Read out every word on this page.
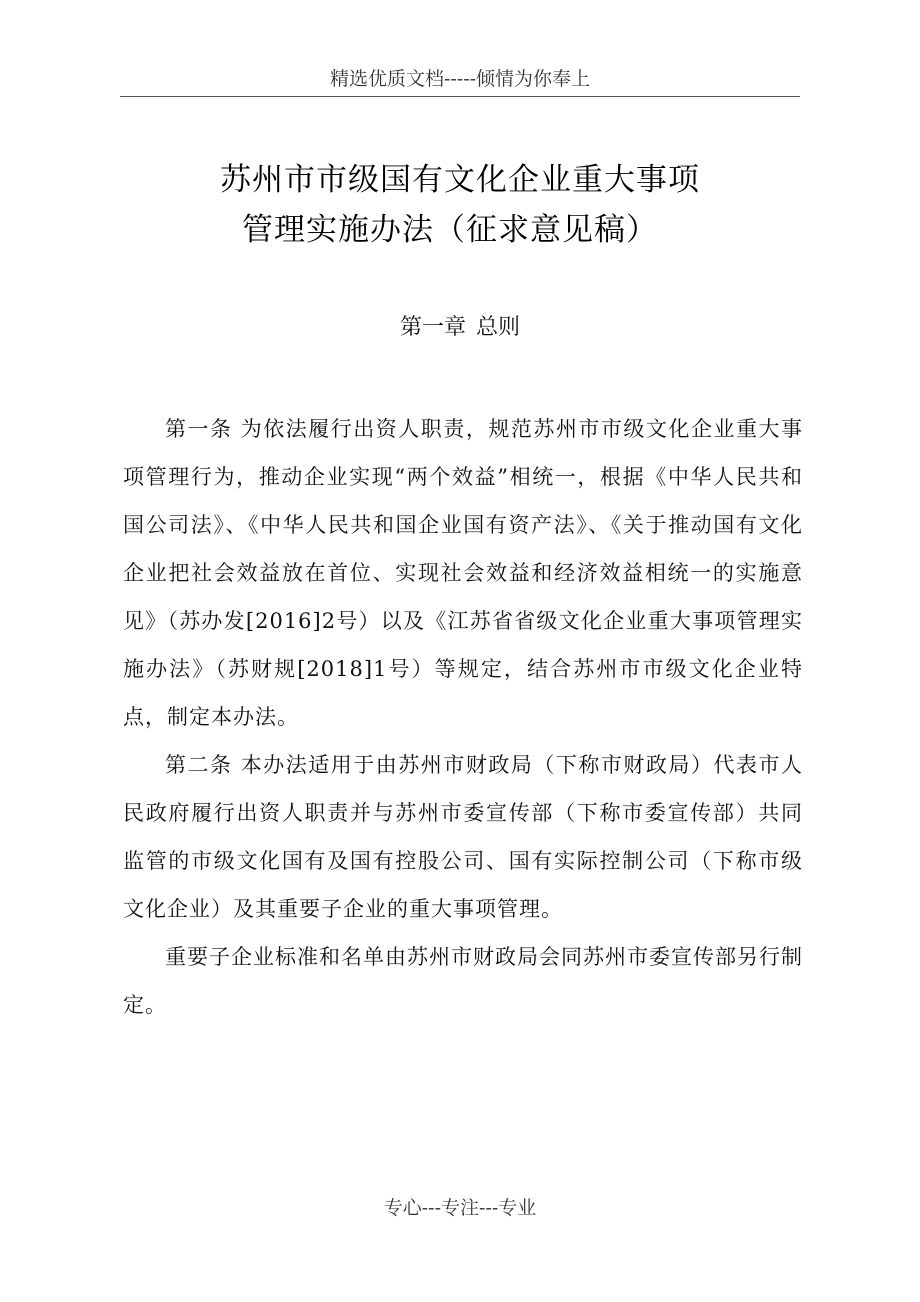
精选优质文档-----倾情为你奉上
苏州市市级国有文化企业重大事项
管理实施办法（征求意见稿）
第一章 总则

第一条 为依法履行出资人职责，规范苏州市市级文化企业重大事项管理行为，推动企业实现“两个效益”相统一，根据《中华人民共和国公司法》、《中华人民共和国企业国有资产法》、《关于推动国有文化企业把社会效益放在首位、实现社会效益和经济效益相统一的实施意见》（苏办发[2016]2号）以及《江苏省省级文化企业重大事项管理实施办法》（苏财规[2018]1号）等规定，结合苏州市市级文化企业特点，制定本办法。

第二条 本办法适用于由苏州市财政局（下称市财政局）代表市人民政府履行出资人职责并与苏州市委宣传部（下称市委宣传部）共同监管的市级文化国有及国有控股公司、国有实际控制公司（下称市级文化企业）及其重要子企业的重大事项管理。

重要子企业标准和名单由苏州市财政局会同苏州市委宣传部另行制定。

专心---专注---专业
